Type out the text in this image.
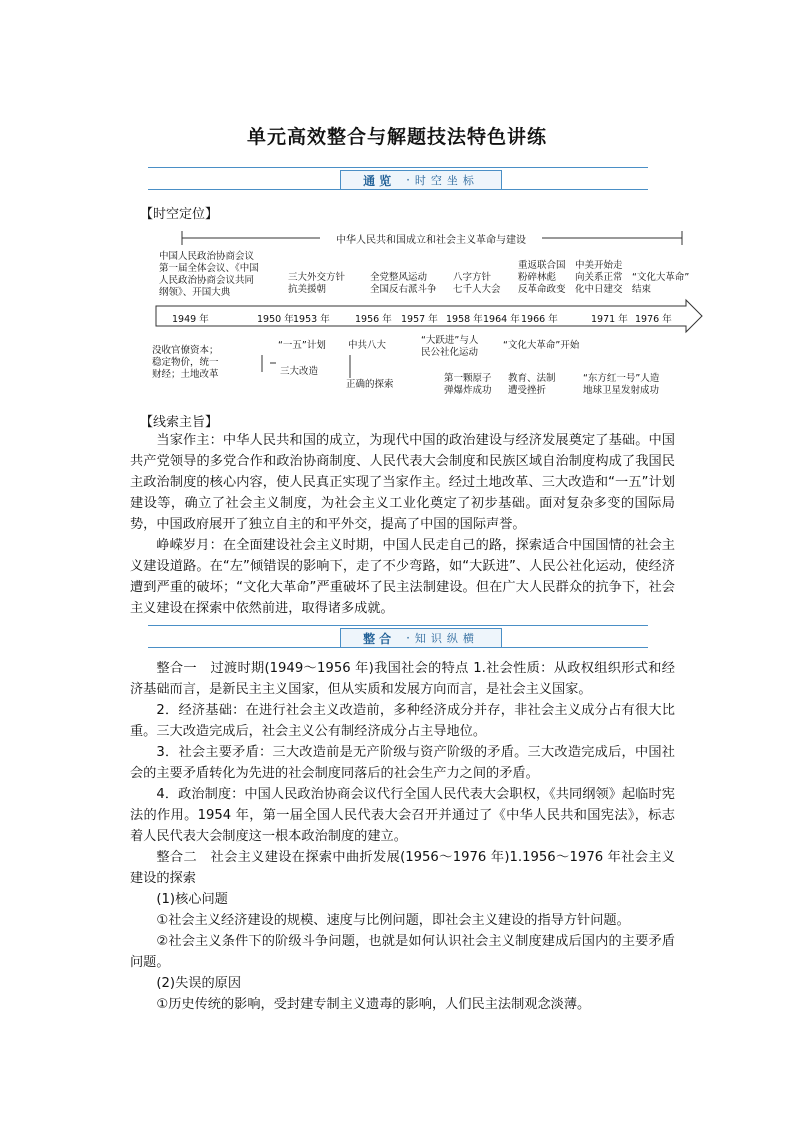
单元高效整合与解题技法特色讲练
通览 · 时空坐标
【时空定位】
中华人民共和国成立和社会主义革命与建设
中国人民政治协商会议
第一届全体会议、《中国
人民政治协商会议共同
纲领》、开国大典
三大外交方针
抗美援朝
全党整风运动
全国反右派斗争
八字方针
七千人大会
重返联合国
粉碎林彪
反革命政变
中美开始走
向关系正常
化中日建交
“文化大革命”
结束
1949 年	1950 年 1953 年	1956 年 1957 年 1958 年 1964 年 1966 年	1971 年 1976 年
没收官僚资本；
稳定物价，统一
财经；土地改革
“一五”计划
三大改造
中共八大
正确的探索
“大跃进”与人
民公社化运动
第一颗原子
弹爆炸成功
“文化大革命”开始
教育、法制
遭受挫折
“东方红一号”人造
地球卫星发射成功
【线索主旨】

当家作主：中华人民共和国的成立，为现代中国的政治建设与经济发展奠定了基础。中国共产党领导的多党合作和政治协商制度、人民代表大会制度和民族区域自治制度构成了我国民主政治制度的核心内容，使人民真正实现了当家作主。经过土地改革、三大改造和“一五”计划建设等，确立了社会主义制度，为社会主义工业化奠定了初步基础。面对复杂多变的国际局势，中国政府展开了独立自主的和平外交，提高了中国的国际声誉。

峥嵘岁月：在全面建设社会主义时期，中国人民走自己的路，探索适合中国国情的社会主义建设道路。在“左”倾错误的影响下，走了不少弯路，如“大跃进”、人民公社化运动，使经济遭到严重的破坏；“文化大革命”严重破坏了民主法制建设。但在广大人民群众的抗争下，社会主义建设在探索中依然前进，取得诸多成就。

整合 · 知识纵横

整合一　过渡时期(1949～1956 年)我国社会的特点 1.社会性质：从政权组织形式和经济基础而言，是新民主主义国家，但从实质和发展方向而言，是社会主义国家。

2．经济基础：在进行社会主义改造前，多种经济成分并存，非社会主义成分占有很大比重。三大改造完成后，社会主义公有制经济成分占主导地位。

3．社会主要矛盾：三大改造前是无产阶级与资产阶级的矛盾。三大改造完成后，中国社会的主要矛盾转化为先进的社会制度同落后的社会生产力之间的矛盾。

4．政治制度：中国人民政治协商会议代行全国人民代表大会职权，《共同纲领》起临时宪法的作用。1954 年，第一届全国人民代表大会召开并通过了《中华人民共和国宪法》，标志着人民代表大会制度这一根本政治制度的建立。

整合二　社会主义建设在探索中曲折发展(1956～1976 年)1.1956～1976 年社会主义建设的探索

(1)核心问题

①社会主义经济建设的规模、速度与比例问题，即社会主义建设的指导方针问题。

②社会主义条件下的阶级斗争问题，也就是如何认识社会主义制度建成后国内的主要矛盾问题。

(2)失误的原因

①历史传统的影响，受封建专制主义遗毒的影响，人们民主法制观念淡薄。
